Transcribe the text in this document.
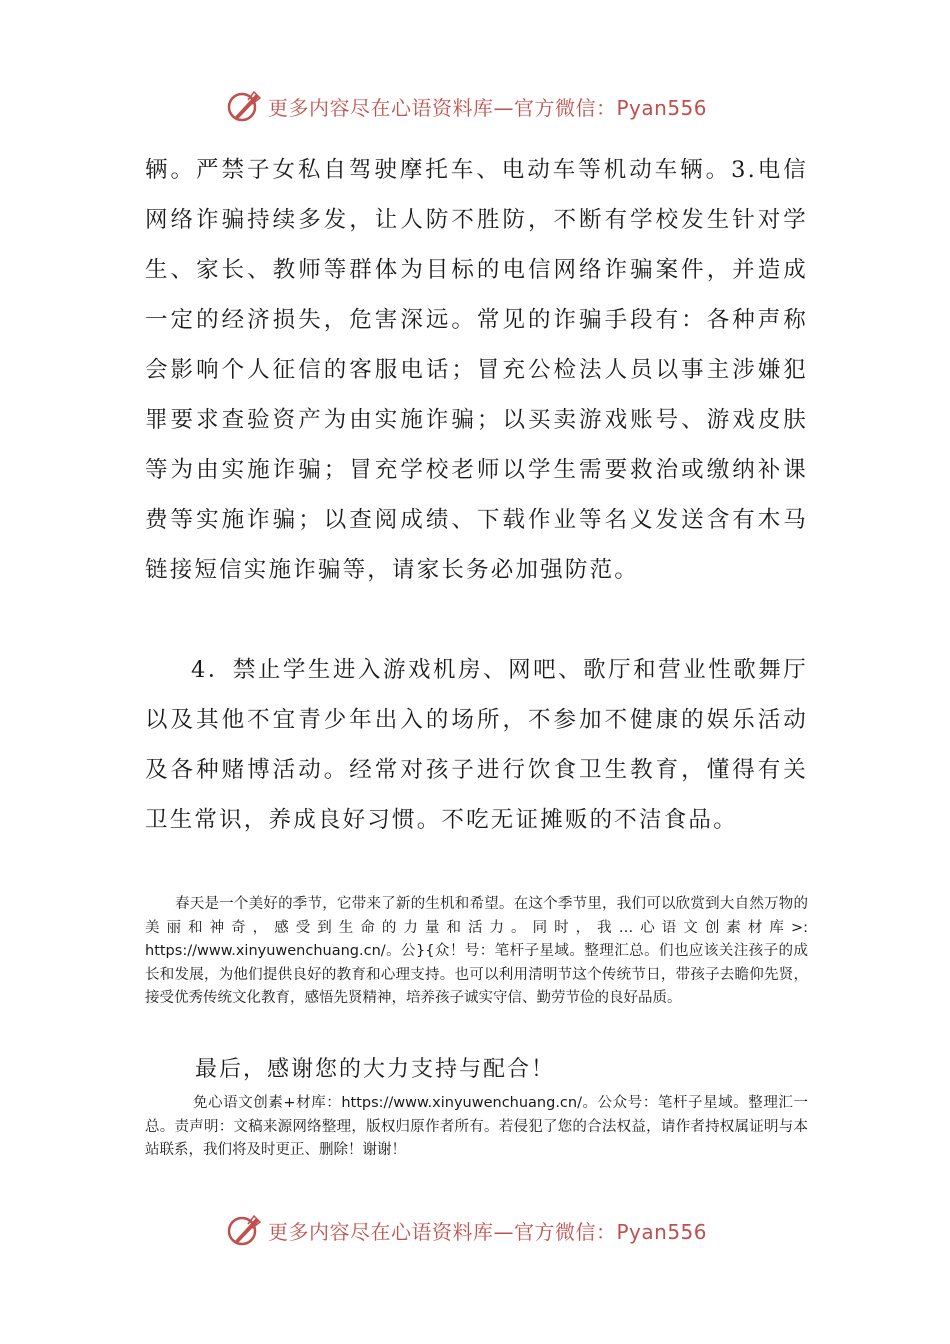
更多内容尽在心语资料库—官方微信：Pyan556
辆。严禁子女私自驾驶摩托车、电动车等机动车辆。3.电信网络诈骗持续多发，让人防不胜防，不断有学校发生针对学生、家长、教师等群体为目标的电信网络诈骗案件，并造成一定的经济损失，危害深远。常见的诈骗手段有：各种声称会影响个人征信的客服电话；冒充公检法人员以事主涉嫌犯罪要求查验资产为由实施诈骗；以买卖游戏账号、游戏皮肤等为由实施诈骗；冒充学校老师以学生需要救治或缴纳补课费等实施诈骗；以查阅成绩、下载作业等名义发送含有木马链接短信实施诈骗等，请家长务必加强防范。
4．禁止学生进入游戏机房、网吧、歌厅和营业性歌舞厅以及其他不宜青少年出入的场所，不参加不健康的娱乐活动及各种赌博活动。经常对孩子进行饮食卫生教育，懂得有关卫生常识，养成良好习惯。不吃无证摊贩的不洁食品。
春天是一个美好的季节，它带来了新的生机和希望。在这个季节里，我们可以欣赏到大自然万物的美丽和神奇，感受到生命的力量和活力。同时，我…心语文创素材库>: https://www.xinyuwenchuang.cn/。公}{众！号：笔杆子星域。整理汇总。们也应该关注孩子的成长和发展，为他们提供良好的教育和心理支持。也可以利用清明节这个传统节日，带孩子去瞻仰先贤，接受优秀传统文化教育，感悟先贤精神，培养孩子诚实守信、勤劳节俭的良好品质。
最后，感谢您的大力支持与配合！
免心语文创素+材库：https://www.xinyuwenchuang.cn/。公众号：笔杆子星域。整理汇一总。责声明：文稿来源网络整理，版权归原作者所有。若侵犯了您的合法权益，请作者持权属证明与本站联系，我们将及时更正、删除！谢谢！
更多内容尽在心语资料库—官方微信：Pyan556
